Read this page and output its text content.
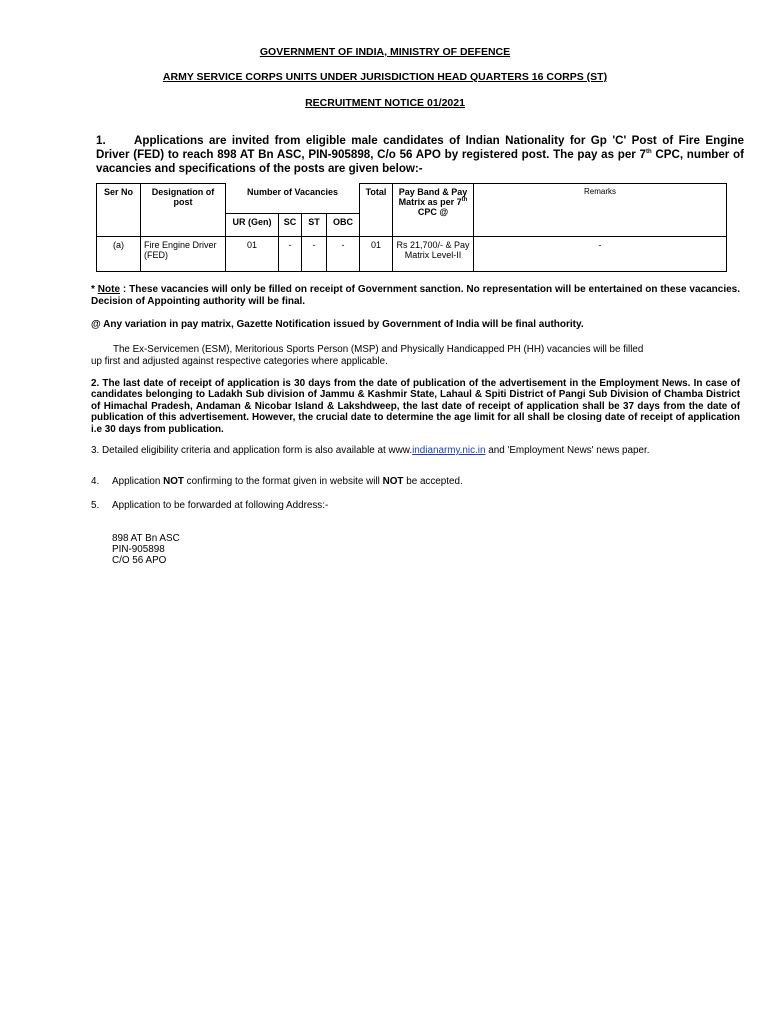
GOVERNMENT OF INDIA, MINISTRY OF DEFENCE
ARMY SERVICE CORPS UNITS UNDER JURISDICTION HEAD QUARTERS 16 CORPS (ST)
RECRUITMENT NOTICE 01/2021
1. Applications are invited from eligible male candidates of Indian Nationality for Gp 'C' Post of Fire Engine Driver (FED) to reach 898 AT Bn ASC, PIN-905898, C/o 56 APO by registered post. The pay as per 7th CPC, number of vacancies and specifications of the posts are given below:-
Ser No	Designation of post	Number of Vacancies				Total	Pay Band & Pay Matrix as per 7th CPC @	Remarks
		UR (Gen)	SC	ST	OBC			
(a)	Fire Engine Driver (FED)	01	-	-	-	01	Rs 21,700/- & Pay Matrix Level-II	-
* Note : These vacancies will only be filled on receipt of Government sanction. No representation will be entertained on these vacancies. Decision of Appointing authority will be final.
@ Any variation in pay matrix, Gazette Notification issued by Government of India will be final authority.
The Ex-Servicemen (ESM), Meritorious Sports Person (MSP) and Physically Handicapped PH (HH) vacancies will be filled
up first and adjusted against respective categories where applicable.
2. The last date of receipt of application is 30 days from the date of publication of the advertisement in the Employment News. In case of candidates belonging to Ladakh Sub division of Jammu & Kashmir State, Lahaul & Spiti District of Pangi Sub Division of Chamba District of Himachal Pradesh, Andaman & Nicobar Island & Lakshdweep, the last date of receipt of application shall be 37 days from the date of publication of this advertisement. However, the crucial date to determine the age limit for all shall be closing date of receipt of application i.e 30 days from publication.
3. Detailed eligibility criteria and application form is also available at www.indianarmy.nic.in and 'Employment News' news paper.
4. Application NOT confirming to the format given in website will NOT be accepted.
5. Application to be forwarded at following Address:-
898 AT Bn ASC
PIN-905898
C/O 56 APO
